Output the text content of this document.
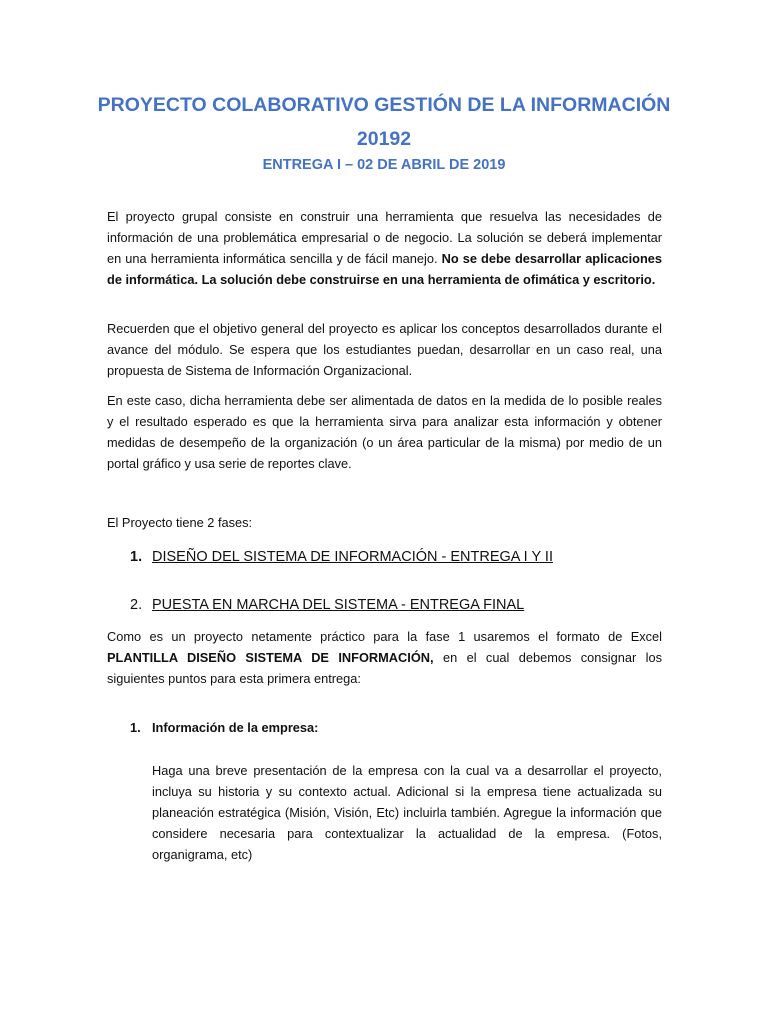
PROYECTO COLABORATIVO GESTIÓN DE LA INFORMACIÓN
20192
ENTREGA I – 02 DE ABRIL DE 2019

El proyecto grupal consiste en construir una herramienta que resuelva las necesidades de información de una problemática empresarial o de negocio. La solución se deberá implementar en una herramienta informática sencilla y de fácil manejo. No se debe desarrollar aplicaciones de informática. La solución debe construirse en una herramienta de ofimática y escritorio.

Recuerden que el objetivo general del proyecto es aplicar los conceptos desarrollados durante el avance del módulo. Se espera que los estudiantes puedan, desarrollar en un caso real, una propuesta de Sistema de Información Organizacional.

En este caso, dicha herramienta debe ser alimentada de datos en la medida de lo posible reales y el resultado esperado es que la herramienta sirva para analizar esta información y obtener medidas de desempeño de la organización (o un área particular de la misma) por medio de un portal gráfico y usa serie de reportes clave.

El Proyecto tiene 2 fases:

1. DISEÑO DEL SISTEMA DE INFORMACIÓN - ENTREGA I Y II

2. PUESTA EN MARCHA DEL SISTEMA - ENTREGA FINAL

Como es un proyecto netamente práctico para la fase 1 usaremos el formato de Excel PLANTILLA DISEÑO SISTEMA DE INFORMACIÓN, en el cual debemos consignar los siguientes puntos para esta primera entrega:

1. Información de la empresa:

Haga una breve presentación de la empresa con la cual va a desarrollar el proyecto, incluya su historia y su contexto actual. Adicional si la empresa tiene actualizada su planeación estratégica (Misión, Visión, Etc) incluirla también. Agregue la información que considere necesaria para contextualizar la actualidad de la empresa. (Fotos, organigrama, etc)
